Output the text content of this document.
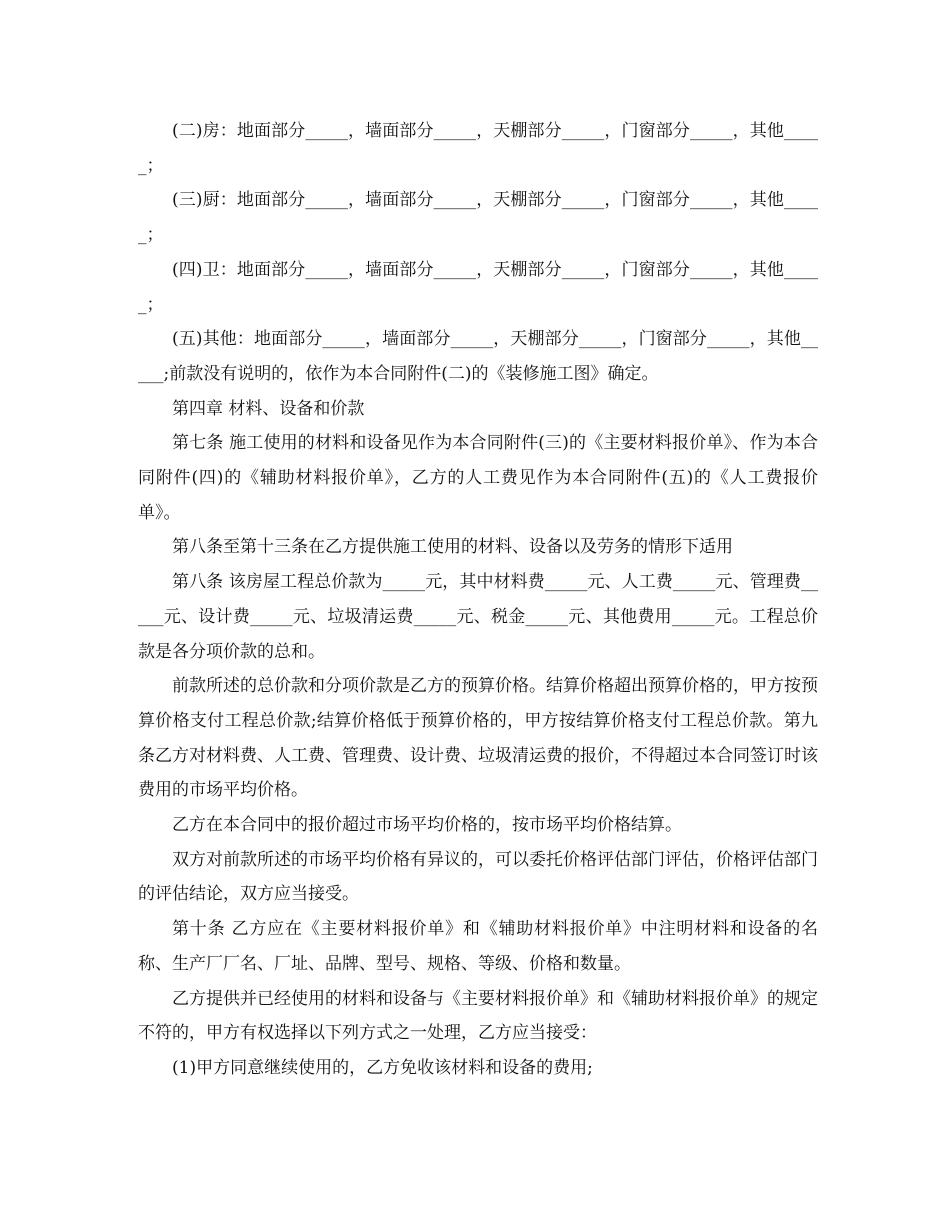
(二)房：地面部分_____，墙面部分_____，天棚部分_____，门窗部分_____，其他_____；

(三)厨：地面部分_____，墙面部分_____，天棚部分_____，门窗部分_____，其他_____；

(四)卫：地面部分_____，墙面部分_____，天棚部分_____，门窗部分_____，其他_____；

(五)其他：地面部分_____，墙面部分_____，天棚部分_____，门窗部分_____，其他_____;前款没有说明的，依作为本合同附件(二)的《装修施工图》确定。

第四章 材料、设备和价款

第七条 施工使用的材料和设备见作为本合同附件(三)的《主要材料报价单》、作为本合同附件(四)的《辅助材料报价单》，乙方的人工费见作为本合同附件(五)的《人工费报价单》。

第八条至第十三条在乙方提供施工使用的材料、设备以及劳务的情形下适用

第八条 该房屋工程总价款为_____元，其中材料费_____元、人工费_____元、管理费_____元、设计费_____元、垃圾清运费_____元、税金_____元、其他费用_____元。工程总价款是各分项价款的总和。

前款所述的总价款和分项价款是乙方的预算价格。结算价格超出预算价格的，甲方按预算价格支付工程总价款;结算价格低于预算价格的，甲方按结算价格支付工程总价款。第九条乙方对材料费、人工费、管理费、设计费、垃圾清运费的报价，不得超过本合同签订时该费用的市场平均价格。

乙方在本合同中的报价超过市场平均价格的，按市场平均价格结算。

双方对前款所述的市场平均价格有异议的，可以委托价格评估部门评估，价格评估部门的评估结论，双方应当接受。

第十条 乙方应在《主要材料报价单》和《辅助材料报价单》中注明材料和设备的名称、生产厂厂名、厂址、品牌、型号、规格、等级、价格和数量。

乙方提供并已经使用的材料和设备与《主要材料报价单》和《辅助材料报价单》的规定不符的，甲方有权选择以下列方式之一处理，乙方应当接受：

(1)甲方同意继续使用的，乙方免收该材料和设备的费用;
